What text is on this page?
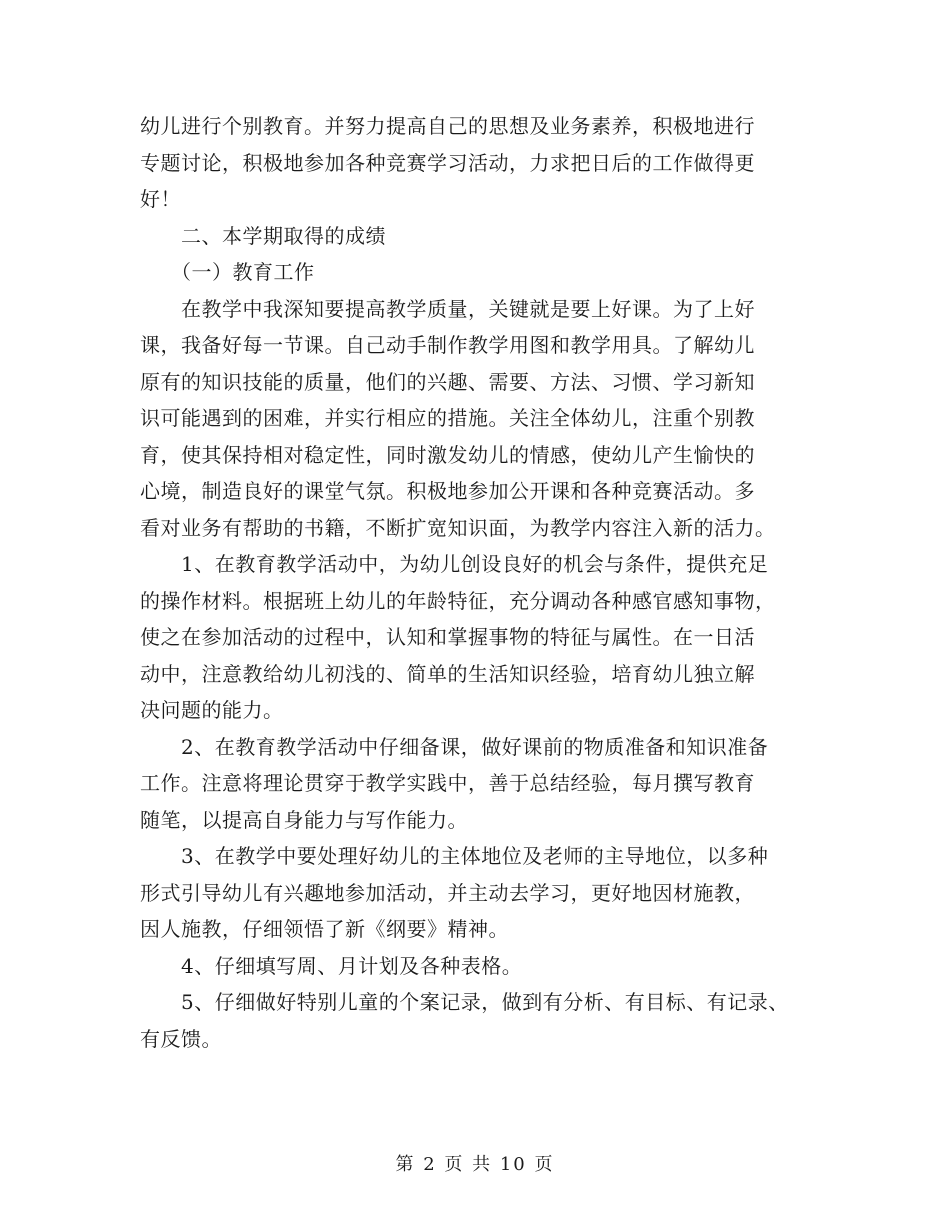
幼儿进行个别教育。并努力提高自己的思想及业务素养，积极地进行
专题讨论，积极地参加各种竞赛学习活动，力求把日后的工作做得更
好！
　　二、本学期取得的成绩
　　（一）教育工作
　　在教学中我深知要提高教学质量，关键就是要上好课。为了上好
课，我备好每一节课。自己动手制作教学用图和教学用具。了解幼儿
原有的知识技能的质量，他们的兴趣、需要、方法、习惯、学习新知
识可能遇到的困难，并实行相应的措施。关注全体幼儿，注重个别教
育，使其保持相对稳定性，同时激发幼儿的情感，使幼儿产生愉快的
心境，制造良好的课堂气氛。积极地参加公开课和各种竞赛活动。多
看对业务有帮助的书籍，不断扩宽知识面，为教学内容注入新的活力。
　　1、在教育教学活动中，为幼儿创设良好的机会与条件，提供充足
的操作材料。根据班上幼儿的年龄特征，充分调动各种感官感知事物，
使之在参加活动的过程中，认知和掌握事物的特征与属性。在一日活
动中，注意教给幼儿初浅的、简单的生活知识经验，培育幼儿独立解
决问题的能力。
　　2、在教育教学活动中仔细备课，做好课前的物质准备和知识准备
工作。注意将理论贯穿于教学实践中，善于总结经验，每月撰写教育
随笔，以提高自身能力与写作能力。
　　3、在教学中要处理好幼儿的主体地位及老师的主导地位，以多种
形式引导幼儿有兴趣地参加活动，并主动去学习，更好地因材施教，
因人施教，仔细领悟了新《纲要》精神。
　　4、仔细填写周、月计划及各种表格。
　　5、仔细做好特别儿童的个案记录，做到有分析、有目标、有记录、
有反馈。
第 2 页 共 10 页
